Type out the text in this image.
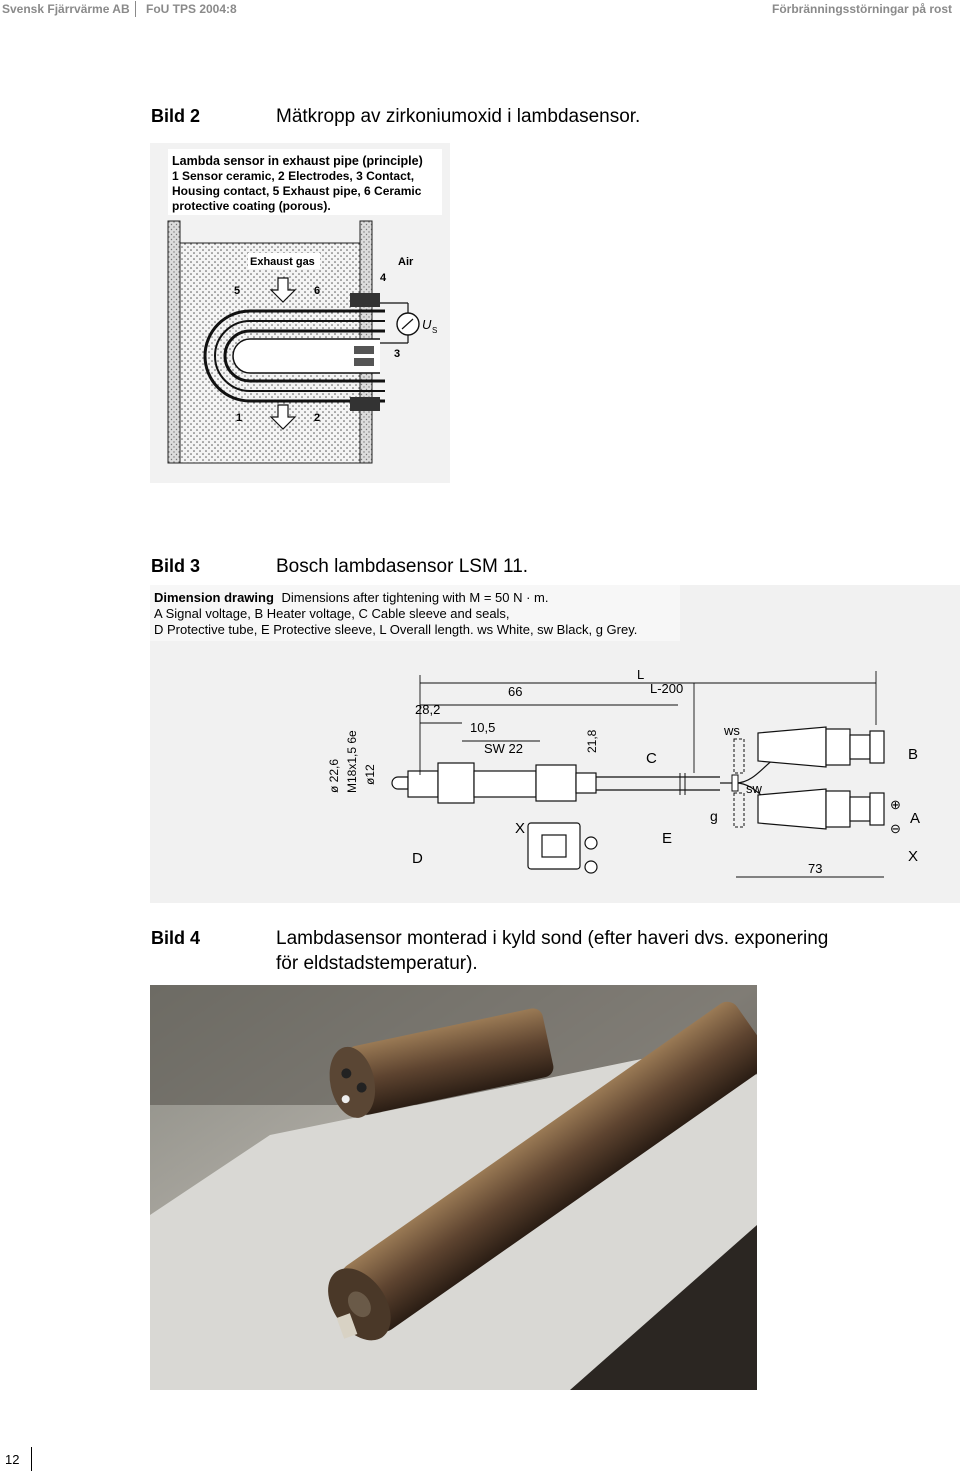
Svensk Fjärrvärme AB FoU TPS 2004:8	Förbränningsstörningar på rost
Bild 2	Mätkropp av zirkoniumoxid i lambdasensor.
Lambda sensor in exhaust pipe (principle)
1 Sensor ceramic, 2 Electrodes, 3 Contact,
Housing contact, 5 Exhaust pipe, 6 Ceramic
protective coating (porous).
U S
Exhaust gas	Air
4
5	6
3
1	2
Bild 3	Bosch lambdasensor LSM 11.
Dimension drawing Dimensions after tightening with M = 50 N · m.
A Signal voltage, B Heater voltage, C Cable sleeve and seals,
D Protective tube, E Protective sleeve, L Overall length. ws White, sw Black, g Grey.
L
L-200
66
28,2
10,5
SW 22	21,8
ø 22,6 M18x1,5 6e ø12
C
ws
sw
B
g	A
⊕
⊖
X
X
E
D
73
Bild 4	Lambdasensor monterad i kyld sond (efter haveri dvs. exponering
för eldstadstemperatur).
12
